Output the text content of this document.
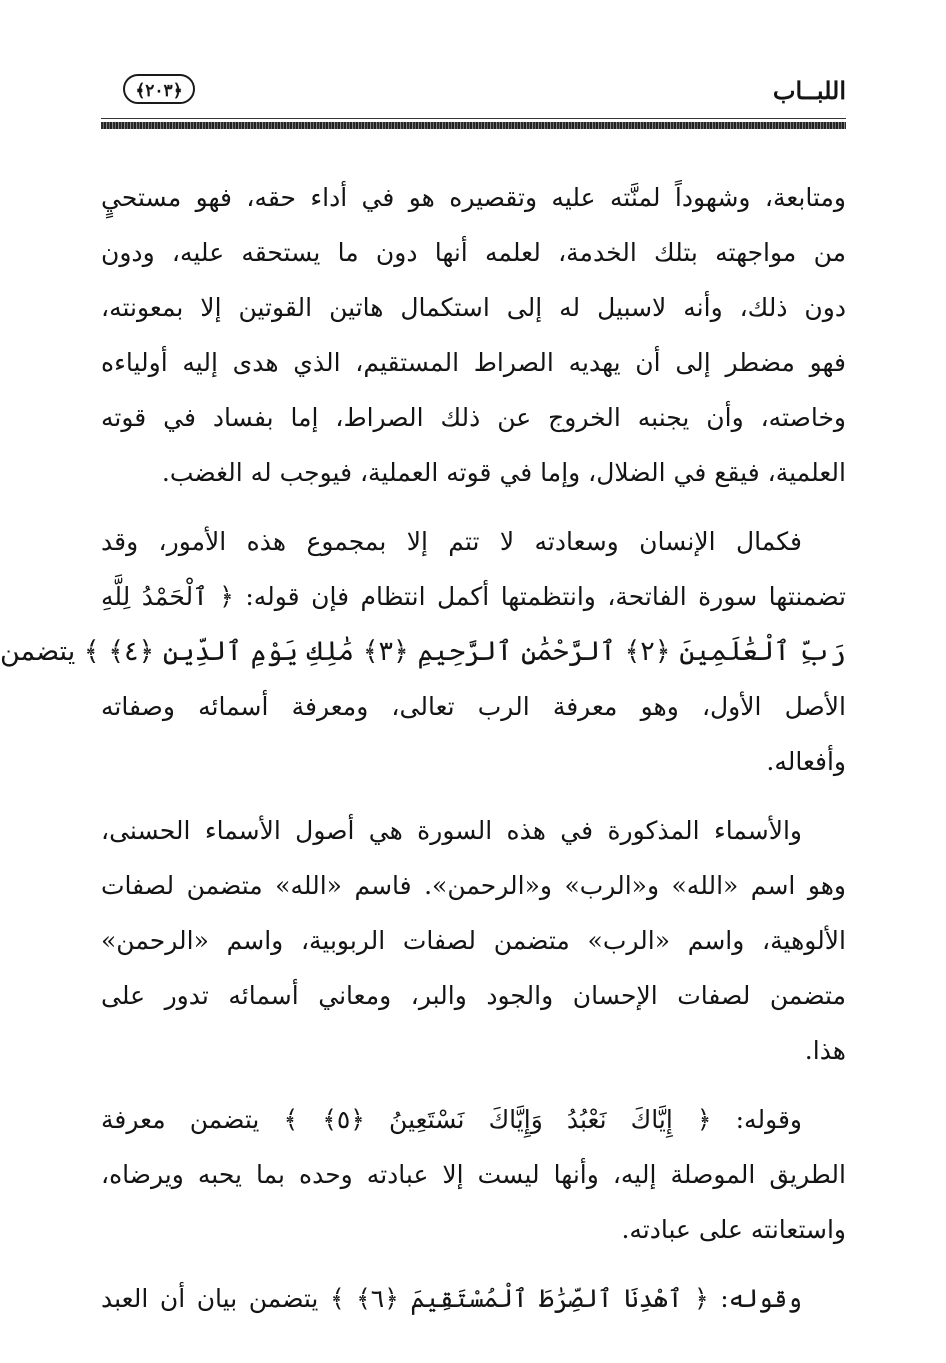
اللبــاب
﴿٢٠٣﴾
ومتابعة، وشهوداً لمنَّته عليه وتقصيره هو في أداء حقه، فهو مستحيٍ
من مواجهته بتلك الخدمة، لعلمه أنها دون ما يستحقه عليه، ودون
دون ذلك، وأنه لاسبيل له إلى استكمال هاتين القوتين إلا بمعونته،
فهو مضطر إلى أن يهديه الصراط المستقيم، الذي هدى إليه أولياءه
وخاصته، وأن يجنبه الخروج عن ذلك الصراط، إما بفساد في قوته
العلمية، فيقع في الضلال، وإما في قوته العملية، فيوجب له الغضب.
فكمال الإنسان وسعادته لا تتم إلا بمجموع هذه الأمور، وقد
تضمنتها سورة الفاتحة، وانتظمتها أكمل انتظام فإن قوله: ﴿ ٱلْحَمْدُ لِلَّهِ
رَبِّ ٱلْعَٰلَمِينَ ﴿٢﴾ ٱلرَّحْمَٰنِ ٱلرَّحِيمِ ﴿٣﴾ مَٰلِكِ يَوْمِ ٱلدِّينِ ﴿٤﴾ ﴾ يتضمن
الأصل الأول، وهو معرفة الرب تعالى، ومعرفة أسمائه وصفاته
وأفعاله.
والأسماء المذكورة في هذه السورة هي أصول الأسماء الحسنى،
وهو اسم «الله» و«الرب» و«الرحمن». فاسم «الله» متضمن لصفات
الألوهية، واسم «الرب» متضمن لصفات الربوبية، واسم «الرحمن»
متضمن لصفات الإحسان والجود والبر، ومعاني أسمائه تدور على
هذا.
وقوله: ﴿ إِيَّاكَ نَعْبُدُ وَإِيَّاكَ نَسْتَعِينُ ﴿٥﴾ ﴾ يتضمن معرفة
الطريق الموصلة إليه، وأنها ليست إلا عبادته وحده بما يحبه ويرضاه،
واستعانته على عبادته.
وقوله: ﴿ ٱهْدِنَا ٱلصِّرَٰطَ ٱلْمُسْتَقِيمَ ﴿٦﴾ ﴾ يتضمن بيان أن العبد
